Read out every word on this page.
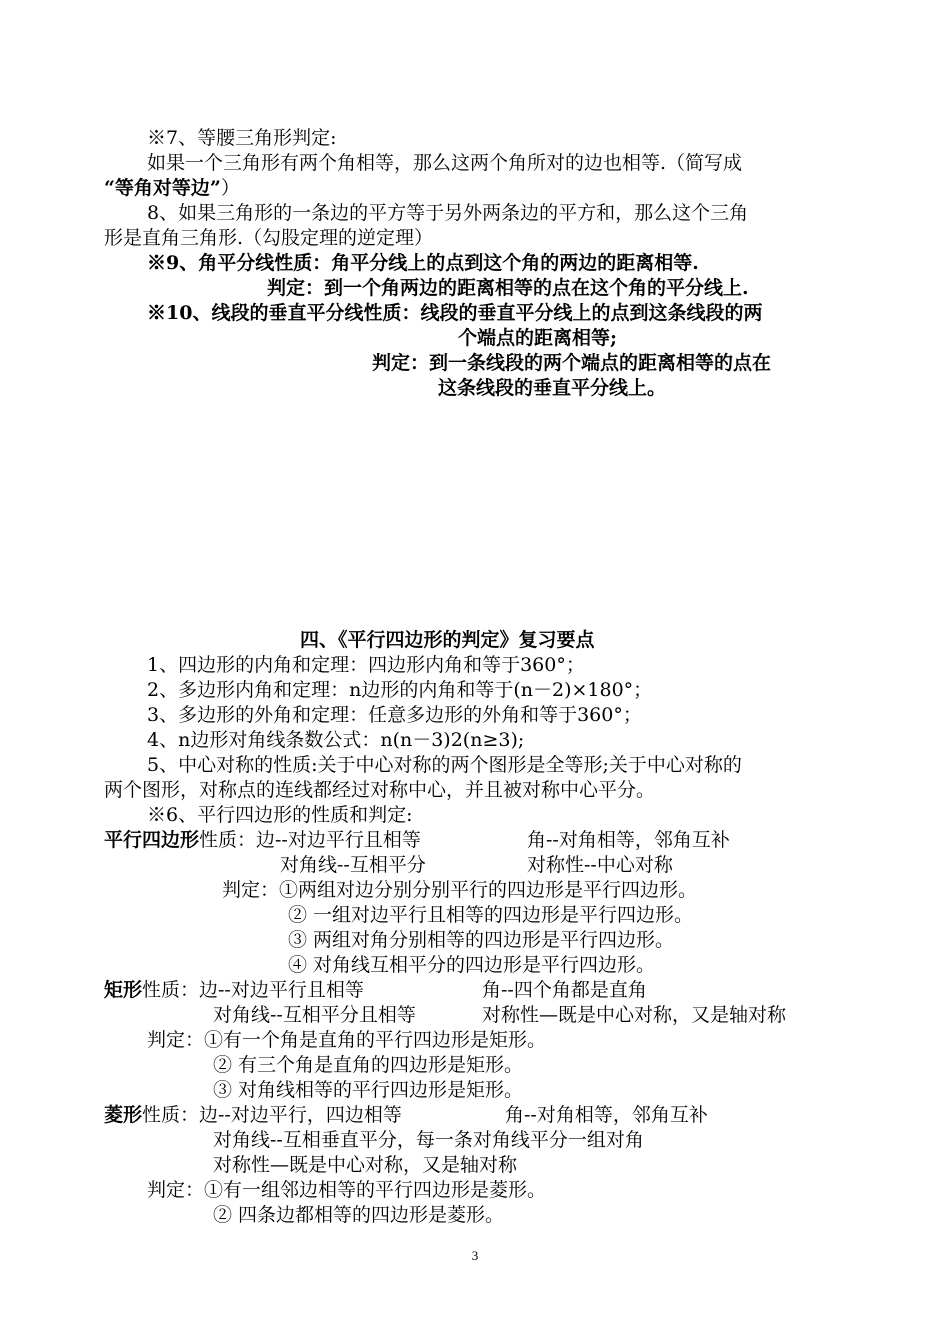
※7、等腰三角形判定:
如果一个三角形有两个角相等，那么这两个角所对的边也相等.（简写成
“等角对等边”）
8、如果三角形的一条边的平方等于另外两条边的平方和，那么这个三角
形是直角三角形.（勾股定理的逆定理）
※9、角平分线性质：角平分线上的点到这个角的两边的距离相等.
判定：到一个角两边的距离相等的点在这个角的平分线上.
※10、线段的垂直平分线性质：线段的垂直平分线上的点到这条线段的两
个端点的距离相等;
判定：到一条线段的两个端点的距离相等的点在
这条线段的垂直平分线上。
四、《平行四边形的判定》复习要点
1、四边形的内角和定理：四边形内角和等于360°；
2、多边形内角和定理：n边形的内角和等于(n－2)×180°；
3、多边形的外角和定理：任意多边形的外角和等于360°；
4、n边形对角线条数公式：n(n－3)2(n≥3);
5、中心对称的性质:关于中心对称的两个图形是全等形;关于中心对称的
两个图形，对称点的连线都经过对称中心，并且被对称中心平分。
※6、平行四边形的性质和判定:
平行四边形性质：边--对边平行且相等	角--对角相等，邻角互补
对角线--互相平分	对称性--中心对称
判定：①两组对边分别分别平行的四边形是平行四边形。
② 一组对边平行且相等的四边形是平行四边形。
③ 两组对角分别相等的四边形是平行四边形。
④ 对角线互相平分的四边形是平行四边形。
矩形性质：边--对边平行且相等	角--四个角都是直角
对角线--互相平分且相等	对称性—既是中心对称，又是轴对称
判定：①有一个角是直角的平行四边形是矩形。
② 有三个角是直角的四边形是矩形。
③ 对角线相等的平行四边形是矩形。
菱形性质：边--对边平行，四边相等	角--对角相等，邻角互补
对角线--互相垂直平分，每一条对角线平分一组对角
对称性—既是中心对称，又是轴对称
判定：①有一组邻边相等的平行四边形是菱形。
② 四条边都相等的四边形是菱形。
3
